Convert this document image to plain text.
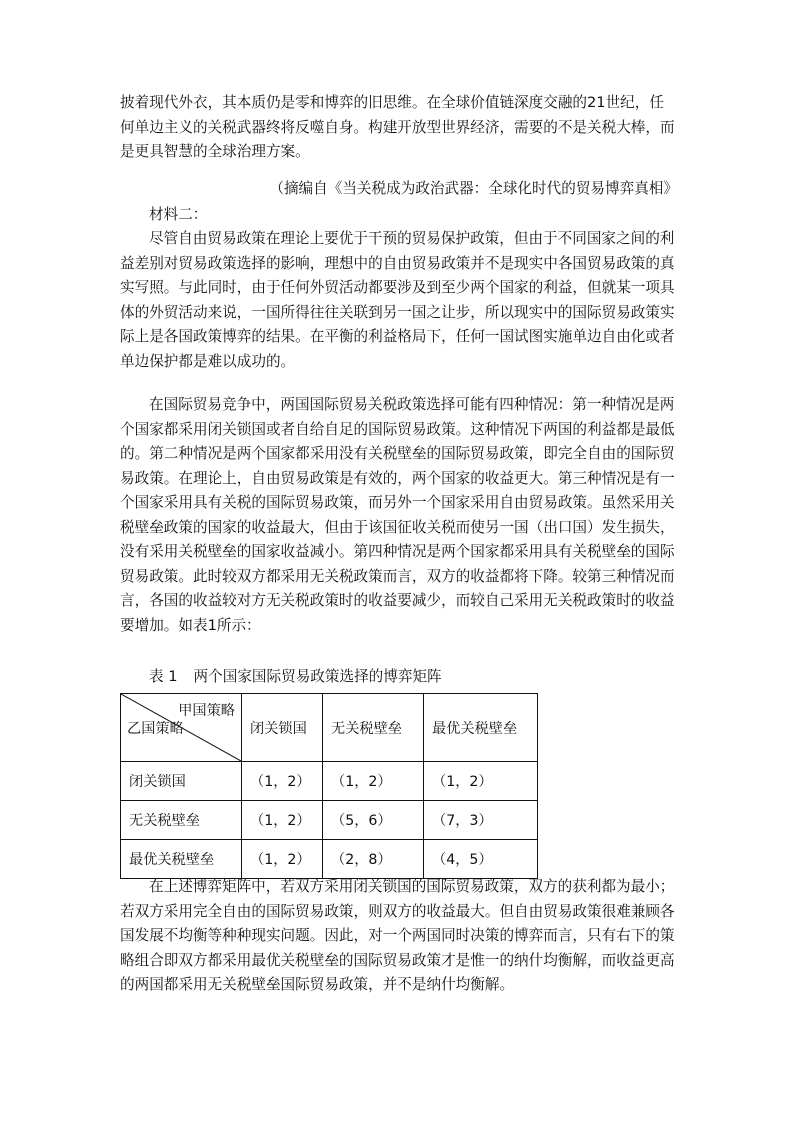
披着现代外衣，其本质仍是零和博弈的旧思维。在全球价值链深度交融的21世纪，任何单边主义的关税武器终将反噬自身。构建开放型世界经济，需要的不是关税大棒，而是更具智慧的全球治理方案。
（摘编自《当关税成为政治武器：全球化时代的贸易博弈真相》
材料二：
尽管自由贸易政策在理论上要优于干预的贸易保护政策，但由于不同国家之间的利益差别对贸易政策选择的影响，理想中的自由贸易政策并不是现实中各国贸易政策的真实写照。与此同时，由于任何外贸活动都要涉及到至少两个国家的利益，但就某一项具体的外贸活动来说，一国所得往往关联到另一国之让步，所以现实中的国际贸易政策实际上是各国政策博弈的结果。在平衡的利益格局下，任何一国试图实施单边自由化或者单边保护都是难以成功的。
在国际贸易竞争中，两国国际贸易关税政策选择可能有四种情况：第一种情况是两个国家都采用闭关锁国或者自给自足的国际贸易政策。这种情况下两国的利益都是最低的。第二种情况是两个国家都采用没有关税壁垒的国际贸易政策，即完全自由的国际贸易政策。在理论上，自由贸易政策是有效的，两个国家的收益更大。第三种情况是有一个国家采用具有关税的国际贸易政策，而另外一个国家采用自由贸易政策。虽然采用关税壁垒政策的国家的收益最大，但由于该国征收关税而使另一国（出口国）发生损失，没有采用关税壁垒的国家收益减小。第四种情况是两个国家都采用具有关税壁垒的国际贸易政策。此时较双方都采用无关税政策而言，双方的收益都将下降。较第三种情况而言，各国的收益较对方无关税政策时的收益要减少，而较自己采用无关税政策时的收益要增加。如表1所示：
表 1 两个国家国际贸易政策选择的博弈矩阵
甲国策略
乙国策略	闭关锁国	无关税壁垒	最优关税壁垒
闭关锁国	（1，2）	（1，2）	（1，2）
无关税壁垒	（1，2）	（5，6）	（7，3）
最优关税壁垒	（1，2）	（2，8）	（4，5）
在上述博弈矩阵中，若双方采用闭关锁国的国际贸易政策，双方的获利都为最小；若双方采用完全自由的国际贸易政策，则双方的收益最大。但自由贸易政策很难兼顾各国发展不均衡等种种现实问题。因此，对一个两国同时决策的博弈而言，只有右下的策略组合即双方都采用最优关税壁垒的国际贸易政策才是惟一的纳什均衡解，而收益更高的两国都采用无关税壁垒国际贸易政策，并不是纳什均衡解。
